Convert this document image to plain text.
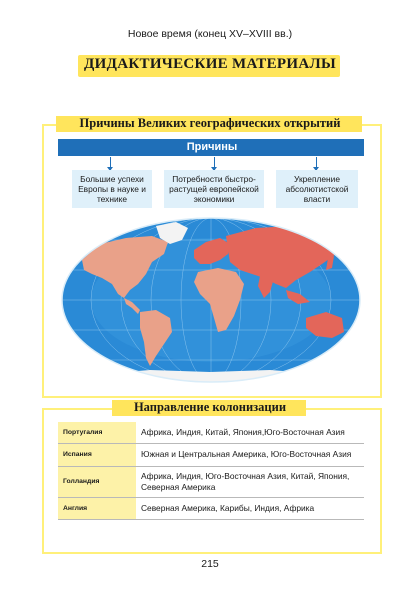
Новое время (конец XV–XVIII вв.)
ДИДАКТИЧЕСКИЕ МАТЕРИАЛЫ
Причины Великих географических открытий
Причины
Большие успехи Европы в науке и технике
Потребности быстро-растущей европейской экономики
Укрепление абсолютистской власти
Направление колонизации
Португалия	Африка, Индия, Китай, Япония,Юго-Восточная Азия
Испания	Южная и Центральная Америка, Юго-Восточная Азия
Голландия	Африка, Индия, Юго-Восточная Азия, Китай, Япония, Северная Америка
Англия	Северная Америка, Карибы, Индия, Африка
215
